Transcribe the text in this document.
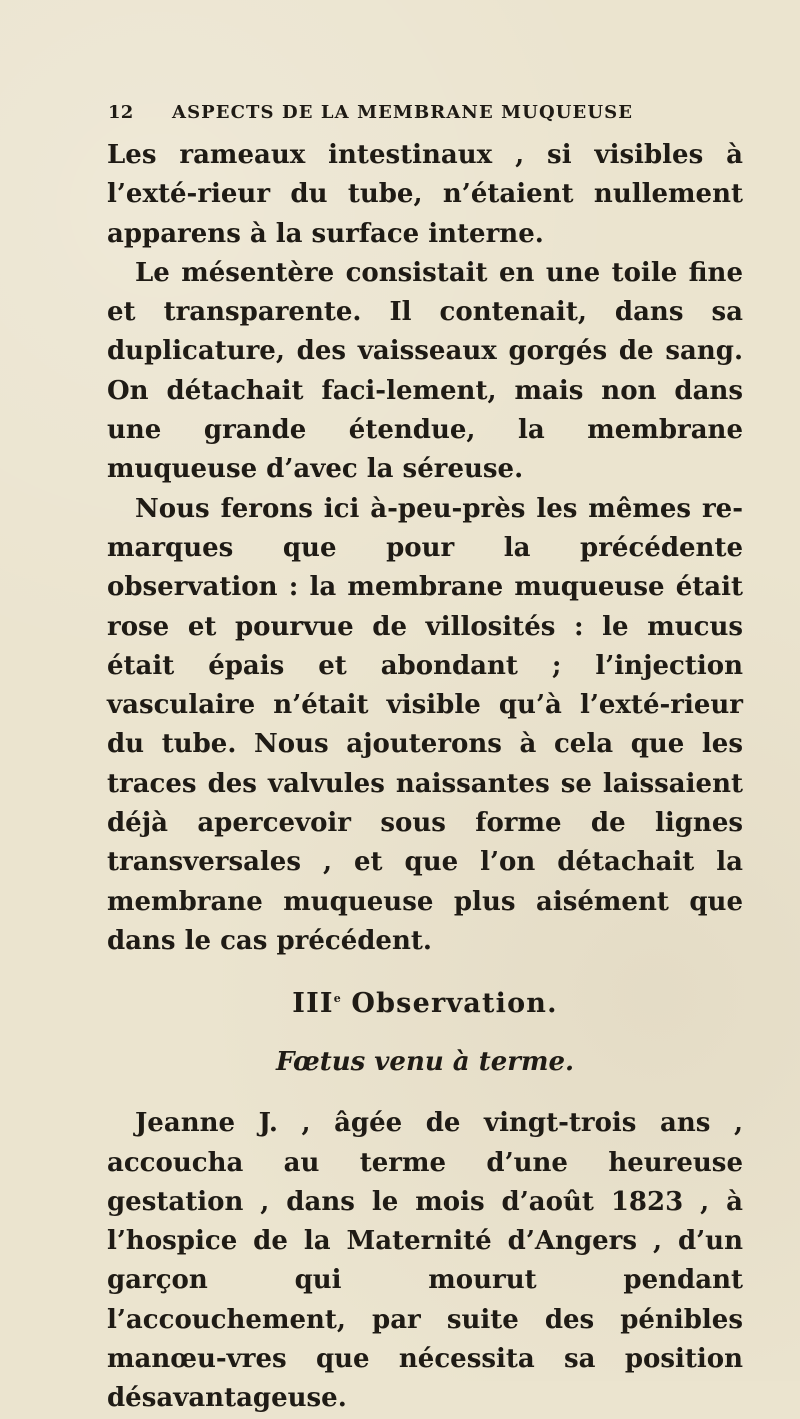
12	ASPECTS DE LA MEMBRANE MUQUEUSE

Les rameaux intestinaux , si visibles à l’exté-rieur du tube, n’étaient nullement apparens à la surface interne.

Le mésentère consistait en une toile fine et transparente. Il contenait, dans sa duplicature, des vaisseaux gorgés de sang. On détachait faci-lement, mais non dans une grande étendue, la membrane muqueuse d’avec la séreuse.

Nous ferons ici à-peu-près les mêmes re-marques que pour la précédente observation : la membrane muqueuse était rose et pourvue de villosités : le mucus était épais et abondant ; l’injection vasculaire n’était visible qu’à l’exté-rieur du tube. Nous ajouterons à cela que les traces des valvules naissantes se laissaient déjà apercevoir sous forme de lignes transversales , et que l’on détachait la membrane muqueuse plus aisément que dans le cas précédent.

IIIe Observation.
Fœtus venu à terme.

Jeanne J. , âgée de vingt-trois ans , accoucha au terme d’une heureuse gestation , dans le mois d’août 1823 , à l’hospice de la Maternité d’Angers , d’un garçon qui mourut pendant l’accouchement, par suite des pénibles manœu-vres que nécessita sa position désavantageuse.
